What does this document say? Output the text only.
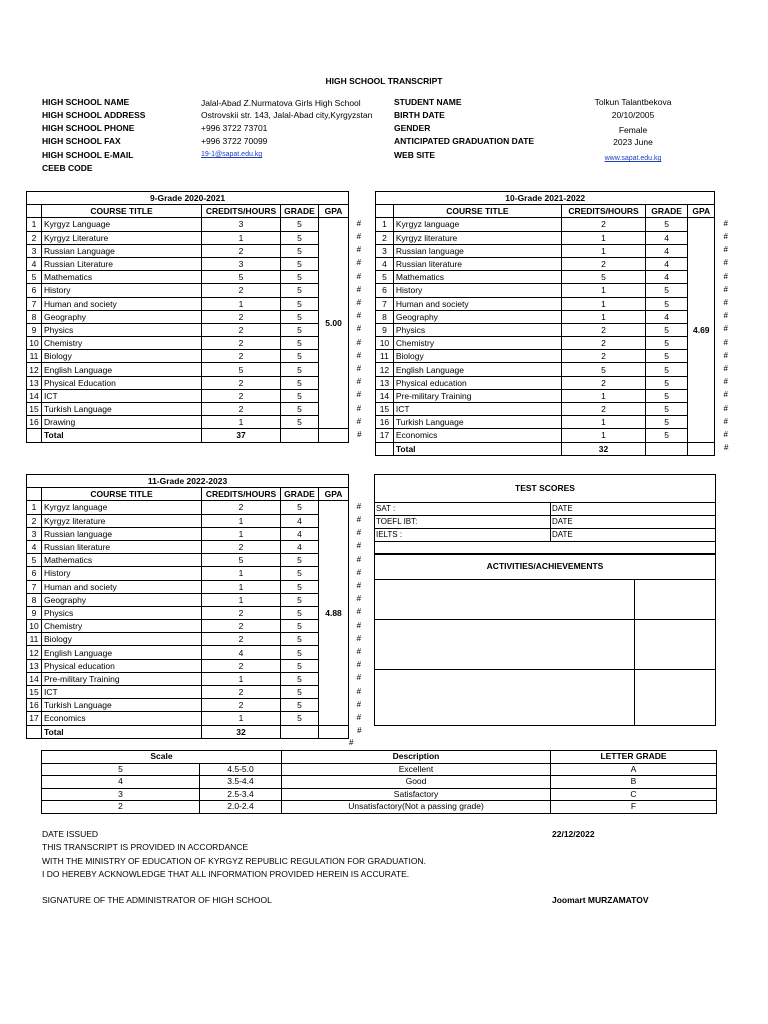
HIGH SCHOOL TRANSCRIPT
HIGH SCHOOL NAME	Jalal-Abad Z.Nurmatova Girls High School
HIGH SCHOOL ADDRESS	Ostrovskii str. 143, Jalal-Abad city,Kyrgyzstan
HIGH SCHOOL PHONE	+996 3722 73701
HIGH SCHOOL FAX	+996 3722 70099
HIGH SCHOOL E-MAIL	19-1@sapat.edu.kg
CEEB CODE
STUDENT NAME	Tolkun Talantbekova
BIRTH DATE	20/10/2005
GENDER	Female
ANTICIPATED GRADUATION DATE	2023 June
WEB SITE	www.sapat.edu.kg
9-Grade 2020-2021					
	COURSE TITLE	CREDITS/HOURS	GRADE	GPA	
1	Kyrgyz Language	3	5	5.00	#

2	Kyrgyz Literature	1	5		#

3	Russian Language	2	5		#

4	Russian Literature	3	5		#

5	Mathematics	5	5		#

6	History	2	5		#

7	Human and society	1	5		#

8	Geography	2	5		#

9	Physics	2	5		#

10	Chemistry	2	5		#

11	Biology	2	5		#

12	English Language	5	5		#

13	Physical Education	2	5		#

14	ICT	2	5		#

15	Turkish Language	2	5		#

16	Drawing	1	5		#

	Total	37			#
10-Grade 2021-2022					
	COURSE TITLE	CREDITS/HOURS	GRADE	GPA	
1	Kyrgyz language	2	5	4.69	#

2	Kyrgyz literature	1	4		#

3	Russian language	1	4		#

4	Russian literature	2	4		#

5	Mathematics	5	4		#

6	History	1	5		#

7	Human and society	1	5		#

8	Geography	1	4		#

9	Physics	2	5		#

10	Chemistry	2	5		#

11	Biology	2	5		#

12	English Language	5	5		#

13	Physical education	2	5		#

14	Pre-military Training	1	5		#

15	ICT	2	5		#

16	Turkish Language	1	5		#

17	Economics	1	5		#

	Total	32			#
11-Grade 2022-2023					
	COURSE TITLE	CREDITS/HOURS	GRADE	GPA	
1	Kyrgyz language	2	5	4.88	#

2	Kyrgyz literature	1	4		#

3	Russian language	1	4		#

4	Russian literature	2	4		#

5	Mathematics	5	5		#

6	History	1	5		#

7	Human and society	1	5		#

8	Geography	1	5		#

9	Physics	2	5		#

10	Chemistry	2	5		#

11	Biology	2	5		#

12	English Language	4	5		#

13	Physical education	2	5		#

14	Pre-military Training	1	5		#

15	ICT	2	5		#

16	Turkish Language	2	5		#

17	Economics	1	5		#

	Total	32			#
#
TEST SCORES
SAT :	DATE
TOEFL IBT:	DATE
IELTS :	DATE
ACTIVITIES/ACHIEVEMENTS
Scale		Description	LETTER GRADE
5	4.5-5.0	Excellent	A
4	3.5-4.4	Good	B
3	2.5-3.4	Satisfactory	C
2	2.0-2.4	Unsatisfactory(Not a passing grade)	F
DATE ISSUED	22/12/2022
THIS TRANSCRIPT IS PROVIDED IN ACCORDANCE
WITH THE MINISTRY OF EDUCATION OF KYRGYZ REPUBLIC REGULATION FOR GRADUATION.
I DO HEREBY ACKNOWLEDGE THAT ALL INFORMATION PROVIDED HEREIN IS ACCURATE.
SIGNATURE OF THE ADMINISTRATOR OF HIGH SCHOOL	Joomart MURZAMATOV
